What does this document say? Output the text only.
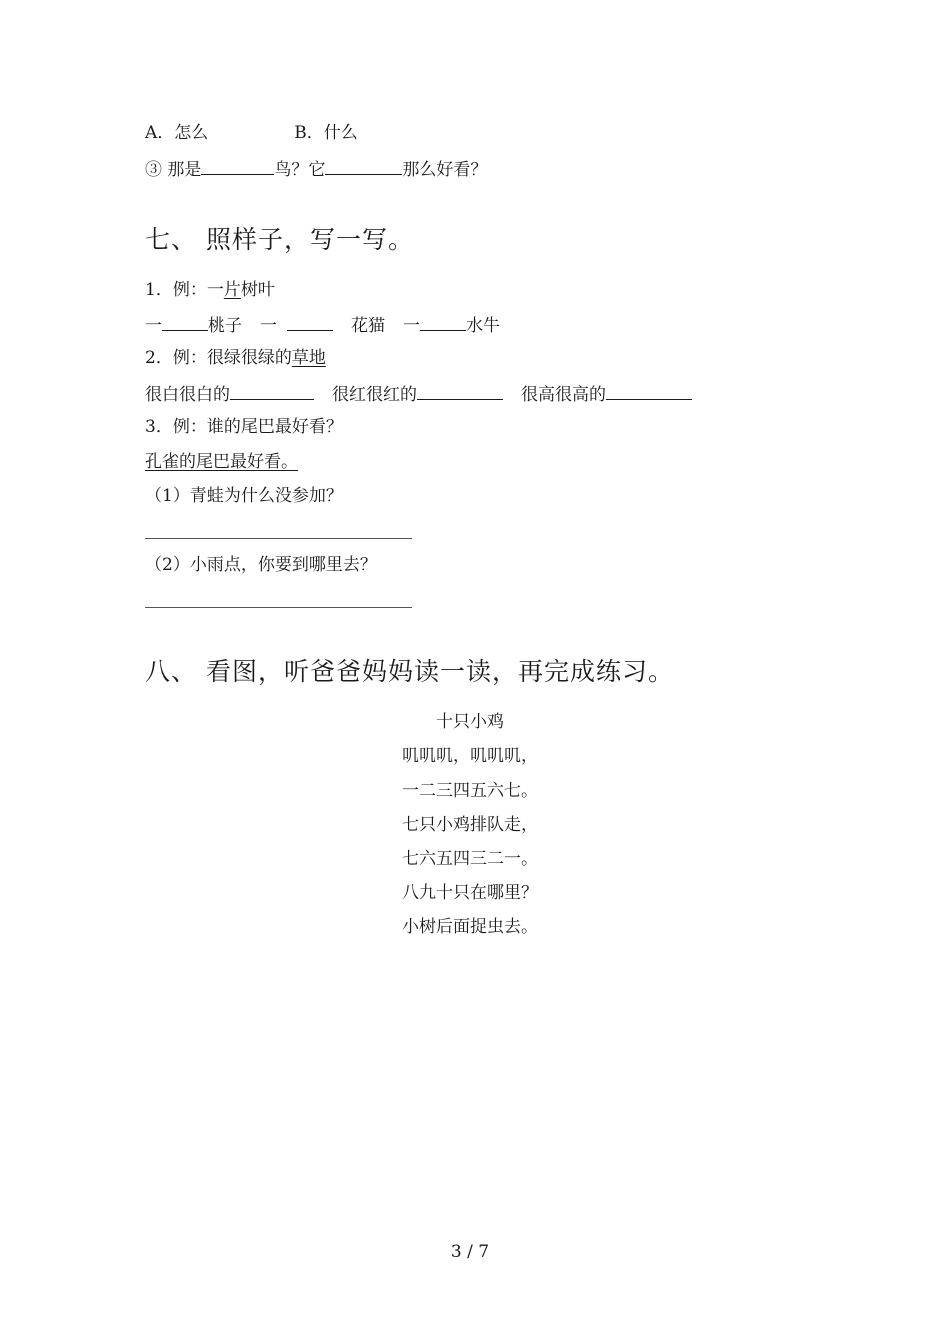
A．怎么	B．什么
③ 那是	鸟？它	那么好看？
七、 照样子，写一写。
1．例：一片树叶
一	桃子 一	花猫 一	水牛
2．例：很绿很绿的草地
很白很白的	很红很红的	很高很高的
3．例：谁的尾巴最好看？
孔雀的尾巴最好看。
（1）青蛙为什么没参加？
（2）小雨点，你要到哪里去？
八、 看图，听爸爸妈妈读一读，再完成练习。
十只小鸡
叽叽叽，叽叽叽，
一二三四五六七。
七只小鸡排队走，
七六五四三二一。
八九十只在哪里？
小树后面捉虫去。
3 / 7
